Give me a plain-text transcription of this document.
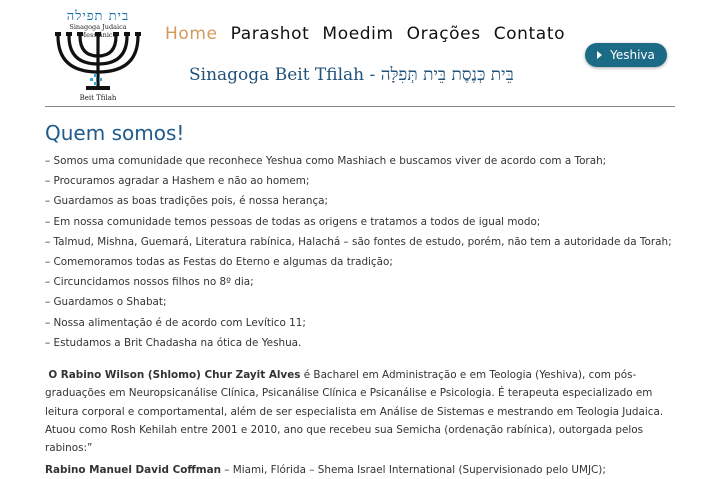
בית תפילה
Sinagoga Judaica
Beit Tfilah
Home Parashot Moedim Orações Contato
Yeshiva
Sinagoga Beit Tfilah - בֵּית כְּנֶסֶת בֵּית תְּפִלָּה
Quem somos!
– Somos uma comunidade que reconhece Yeshua como Mashiach e buscamos viver de acordo com a Torah;
– Procuramos agradar a Hashem e não ao homem;
– Guardamos as boas tradições pois, é nossa herança;
– Em nossa comunidade temos pessoas de todas as origens e tratamos a todos de igual modo;
– Talmud, Mishna, Guemará, Literatura rabínica, Halachá – são fontes de estudo, porém, não tem a autoridade da Torah;
– Comemoramos todas as Festas do Eterno e algumas da tradição;
– Circuncidamos nossos filhos no 8º dia;
– Guardamos o Shabat;
– Nossa alimentação é de acordo com Levítico 11;
– Estudamos a Brit Chadasha na ótica de Yeshua.

O Rabino Wilson (Shlomo) Chur Zayit Alves é Bacharel em Administração e em Teologia (Yeshiva), com pós-graduações em Neuropsicanálise Clínica, Psicanálise Clínica e Psicanálise e Psicologia. É terapeuta especializado em leitura corporal e comportamental, além de ser especialista em Análise de Sistemas e mestrando em Teologia Judaica. Atuou como Rosh Kehilah entre 2001 e 2010, ano que recebeu sua Semicha (ordenação rabínica), outorgada pelos rabinos:”

Rabino Manuel David Coffman – Miami, Flórida – Shema Israel International (Supervisionado pelo UMJC);
